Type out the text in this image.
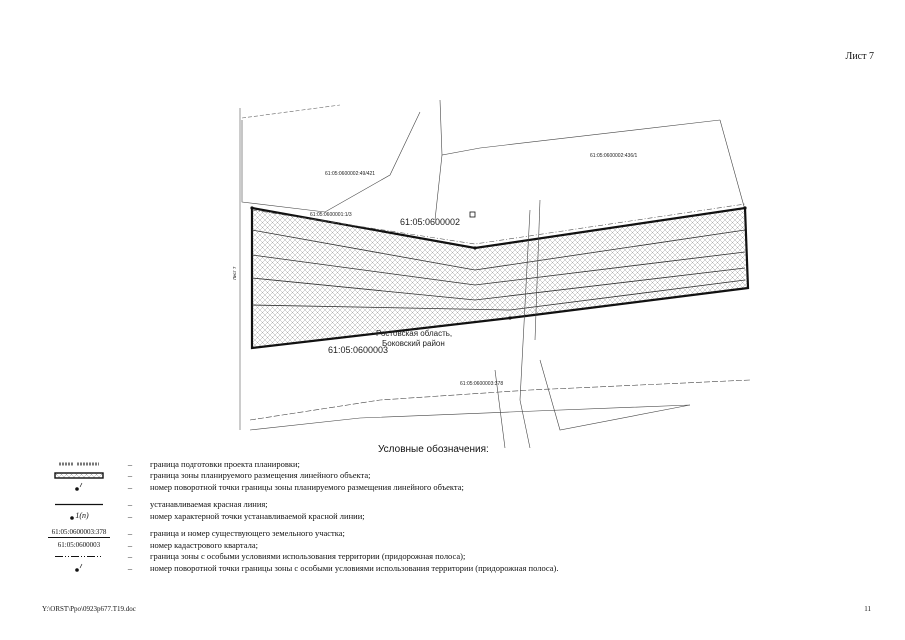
Лист 7
61:05:0600002:49/421
61:05:0600002:436/1
61:05:0600001:1/3
61:05:0600003:378
61:05:0600002
61:05:0600003
Ростовская область,
Боковский район
Лист 7
Условные обозначения:
–	граница подготовки проекта планировки;
–	граница зоны планируемого размещения линейного объекта;
–	номер поворотной точки границы зоны планируемого размещения линейного объекта;
–	устанавливаемая красная линия;
1(n)	–	номер характерной точки устанавливаемой красной линии;
61:05:0600003:378	–	граница и номер существующего земельного участка;
61:05:0600003	–	номер кадастрового квартала;
–	граница зоны с особыми условиями использования территории (придорожная полоса);
–	номер поворотной точки границы зоны с особыми условиями использования территории (придорожная полоса).
Y:\ORST\Ppo\0923p677.T19.doc	11
